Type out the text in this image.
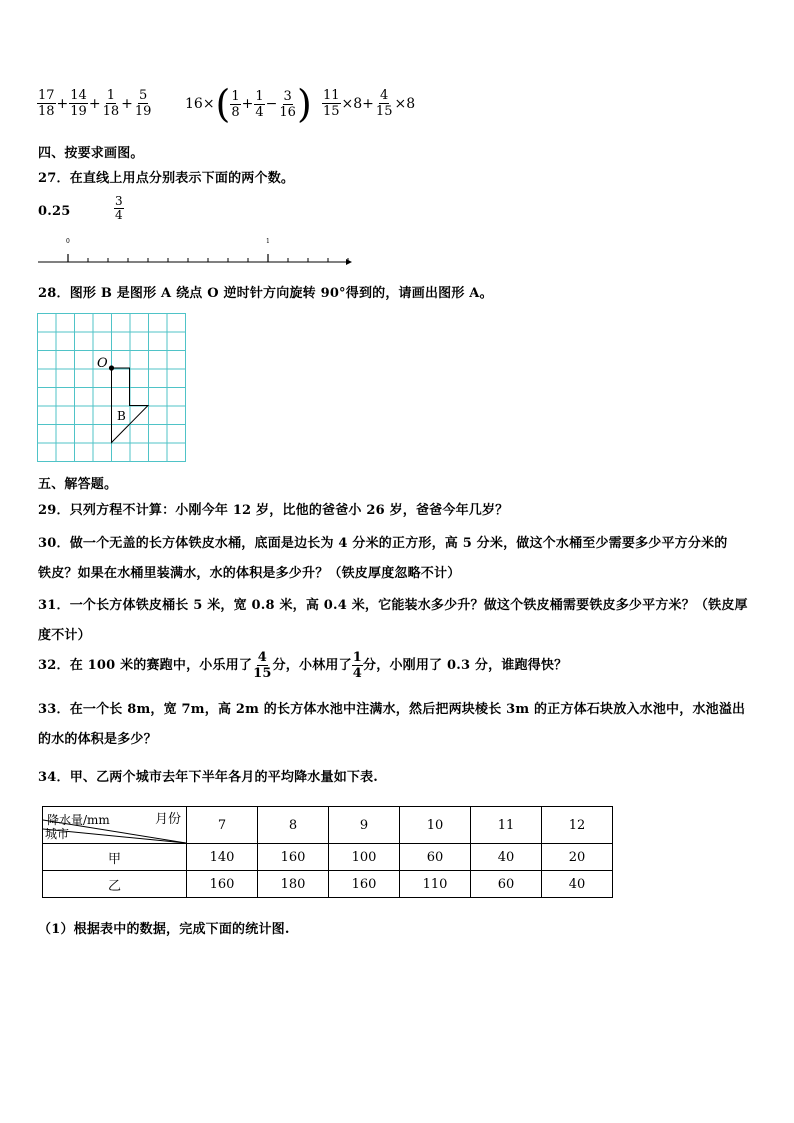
$\frac{17}{18} + \frac{14}{19} + \frac{1}{18} + \frac{5}{19} 16\times( \frac{1}{8} + \frac{1}{4} - \frac{3}{16}$ ) $\frac{11}{15} \times 8+ \frac{4}{15} \times 8$
四、按要求画图。
27．在直线上用点分别表示下面的两个数。
0.25	$\frac{3}{4}$
0	1
28．图形 B 是图形 A 绕点 O 逆时针方向旋转 90°得到的，请画出图形 A。
O
B
五、解答题。
29．只列方程不计算：小刚今年 12 岁，比他的爸爸小 26 岁，爸爸今年几岁？
30．做一个无盖的长方体铁皮水桶，底面是边长为 4 分米的正方形，高 5 分米，做这个水桶至少需要多少平方分米的
铁皮？如果在水桶里装满水，水的体积是多少升？（铁皮厚度忽略不计）
31．一个长方体铁皮桶长 5 米，宽 0.8 米，高 0.4 米，它能装水多少升？做这个铁皮桶需要铁皮多少平方米？（铁皮厚
度不计）
32．在 100 米的赛跑中，小乐用了 $\frac{4}{15}$ 分，小林用了 $\frac{1}{4}$ 分，小刚用了 0.3 分，谁跑得快？
33．在一个长 8m，宽 7m，高 2m 的长方体水池中注满水，然后把两块棱长 3m 的正方体石块放入水池中，水池溢出
的水的体积是多少？
34．甲、乙两个城市去年下半年各月的平均降水量如下表.
月份
降水量/mm
城市	7	8	9	10	11	12
甲	140	160	100	60	40	20
乙	160	180	160	110	60	40
（1）根据表中的数据，完成下面的统计图.
